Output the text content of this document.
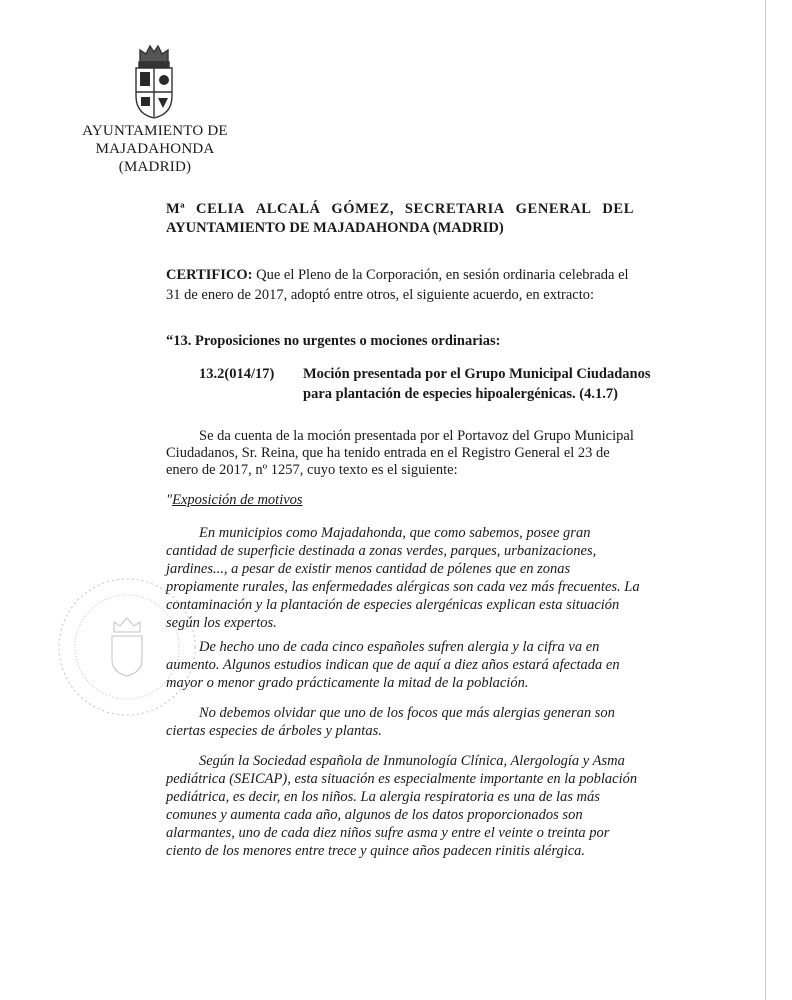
AYUNTAMIENTO DE
MAJADAHONDA
(MADRID)
Mª CELIA ALCALÁ GÓMEZ, SECRETARIA GENERAL DEL
AYUNTAMIENTO DE MAJADAHONDA (MADRID)
CERTIFICO: Que el Pleno de la Corporación, en sesión ordinaria celebrada el
31 de enero de 2017, adoptó entre otros, el siguiente acuerdo, en extracto:
“13. Proposiciones no urgentes o mociones ordinarias:
13.2(014/17) Moción presentada por el Grupo Municipal Ciudadanos
para plantación de especies hipoalergénicas. (4.1.7)
Se da cuenta de la moción presentada por el Portavoz del Grupo Municipal
Ciudadanos, Sr. Reina, que ha tenido entrada en el Registro General el 23 de
enero de 2017, nº 1257, cuyo texto es el siguiente:
"Exposición de motivos
En municipios como Majadahonda, que como sabemos, posee gran
cantidad de superficie destinada a zonas verdes, parques, urbanizaciones,
jardines..., a pesar de existir menos cantidad de pólenes que en zonas
propiamente rurales, las enfermedades alérgicas son cada vez más frecuentes. La
contaminación y la plantación de especies alergénicas explican esta situación
según los expertos.
De hecho uno de cada cinco españoles sufren alergia y la cifra va en
aumento. Algunos estudios indican que de aquí a diez años estará afectada en
mayor o menor grado prácticamente la mitad de la población.
No debemos olvidar que uno de los focos que más alergias generan son
ciertas especies de árboles y plantas.
Según la Sociedad española de Inmunología Clínica, Alergología y Asma
pediátrica (SEICAP), esta situación es especialmente importante en la población
pediátrica, es decir, en los niños. La alergia respiratoria es una de las más
comunes y aumenta cada año, algunos de los datos proporcionados son
alarmantes, uno de cada diez niños sufre asma y entre el veinte o treinta por
ciento de los menores entre trece y quince años padecen rinitis alérgica.
